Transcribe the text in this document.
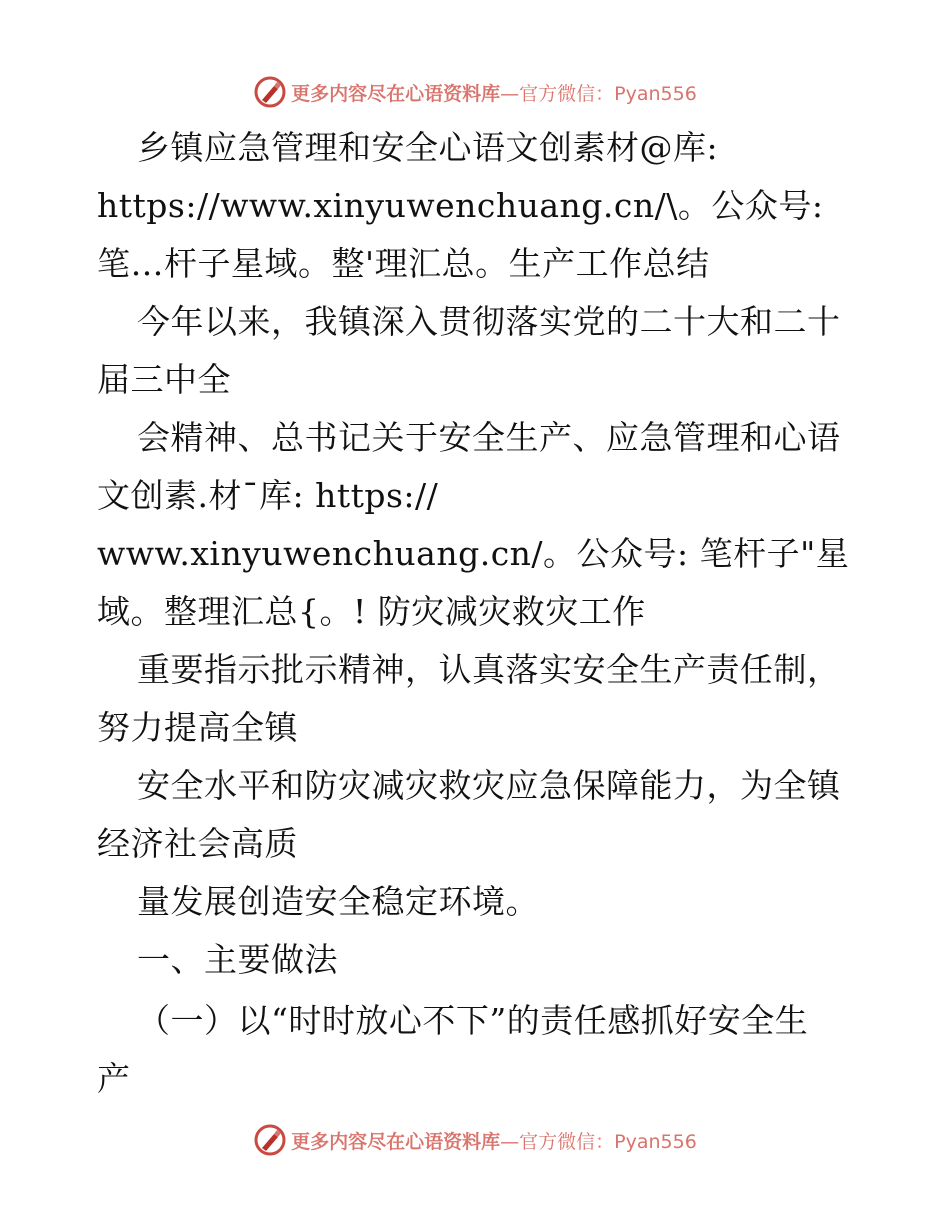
更多内容尽在心语资料库 —官方微信：Pyan556
乡镇应急管理和安全心语文创素材@库:
https://www.xinyuwenchuang.cn/\。公众号:
笔…杆子星域。整'理汇总。生产工作总结
今年以来，我镇深入贯彻落实党的二十大和二十
届三中全
会精神、总书记关于安全生产、应急管理和心语
文创素.材¯库: https://
www.xinyuwenchuang.cn/。公众号: 笔杆子"星
域。整理汇总{。! 防灾减灾救灾工作
重要指示批示精神，认真落实安全生产责任制，
努力提高全镇
安全水平和防灾减灾救灾应急保障能力，为全镇
经济社会高质
量发展创造安全稳定环境。
一、主要做法
（一）以“时时放心不下”的责任感抓好安全生
产
更多内容尽在心语资料库 —官方微信：Pyan556
